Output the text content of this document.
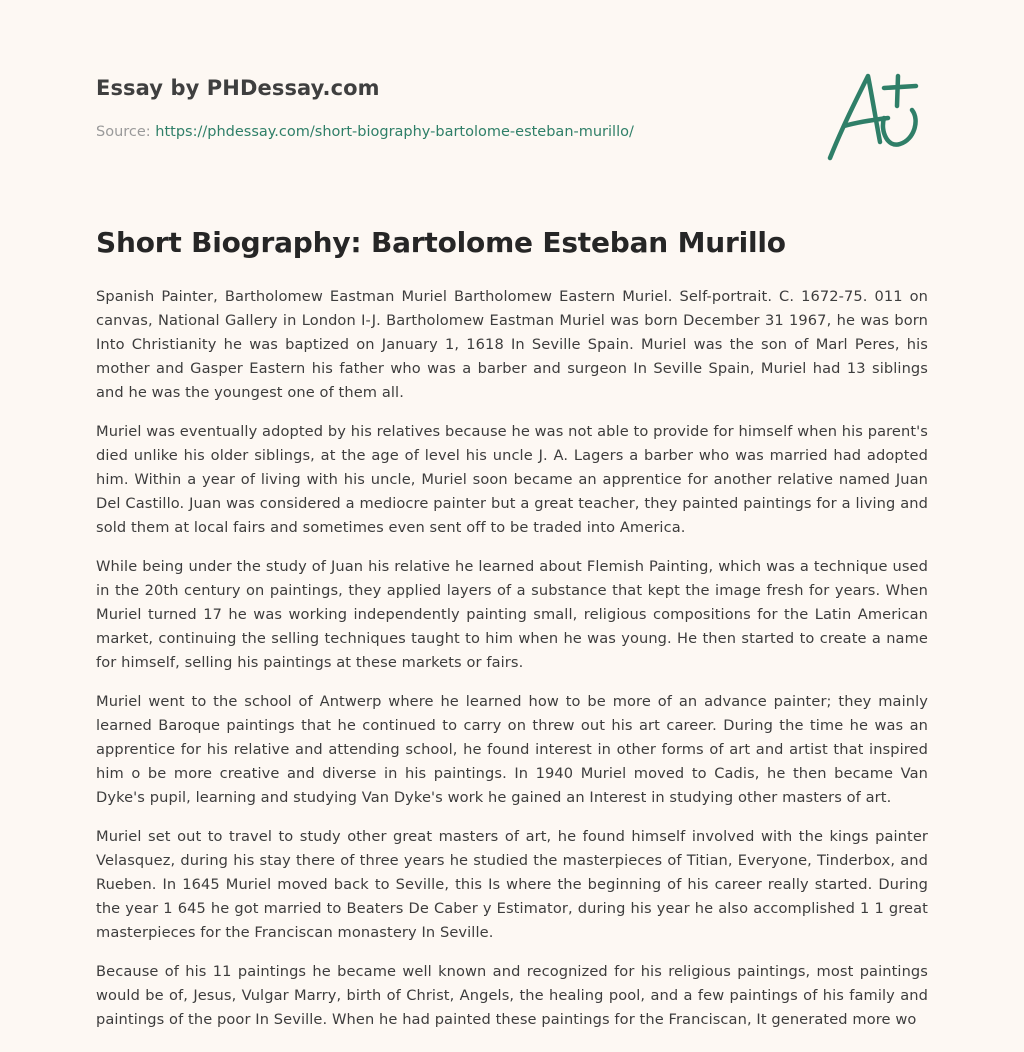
Essay by PHDessay.com
Source: https://phdessay.com/short-biography-bartolome-esteban-murillo/
Short Biography: Bartolome Esteban Murillo

Spanish Painter, Bartholomew Eastman Muriel Bartholomew Eastern Muriel. Self-portrait. C. 1672-75. 011 on canvas, National Gallery in London I-J. Bartholomew Eastman Muriel was born December 31 1967, he was born Into Christianity he was baptized on January 1, 1618 In Seville Spain. Muriel was the son of Marl Peres, his mother and Gasper Eastern his father who was a barber and surgeon In Seville Spain, Muriel had 13 siblings and he was the youngest one of them all.

Muriel was eventually adopted by his relatives because he was not able to provide for himself when his parent's died unlike his older siblings, at the age of level his uncle J. A. Lagers a barber who was married had adopted him. Within a year of living with his uncle, Muriel soon became an apprentice for another relative named Juan Del Castillo. Juan was considered a mediocre painter but a great teacher, they painted paintings for a living and sold them at local fairs and sometimes even sent off to be traded into America.

While being under the study of Juan his relative he learned about Flemish Painting, which was a technique used in the 20th century on paintings, they applied layers of a substance that kept the image fresh for years. When Muriel turned 17 he was working independently painting small, religious compositions for the Latin American market, continuing the selling techniques taught to him when he was young. He then started to create a name for himself, selling his paintings at these markets or fairs.

Muriel went to the school of Antwerp where he learned how to be more of an advance painter; they mainly learned Baroque paintings that he continued to carry on threw out his art career. During the time he was an apprentice for his relative and attending school, he found interest in other forms of art and artist that inspired him o be more creative and diverse in his paintings. In 1940 Muriel moved to Cadis, he then became Van Dyke's pupil, learning and studying Van Dyke's work he gained an Interest in studying other masters of art.

Muriel set out to travel to study other great masters of art, he found himself involved with the kings painter Velasquez, during his stay there of three years he studied the masterpieces of Titian, Everyone, Tinderbox, and Rueben. In 1645 Muriel moved back to Seville, this Is where the beginning of his career really started. During the year 1 645 he got married to Beaters De Caber y Estimator, during his year he also accomplished 1 1 great masterpieces for the Franciscan monastery In Seville.

Because of his 11 paintings he became well known and recognized for his religious paintings, most paintings would be of, Jesus, Vulgar Marry, birth of Christ, Angels, the healing pool, and a few paintings of his family and paintings of the poor In Seville. When he had painted these paintings for the Franciscan, It generated more wo
